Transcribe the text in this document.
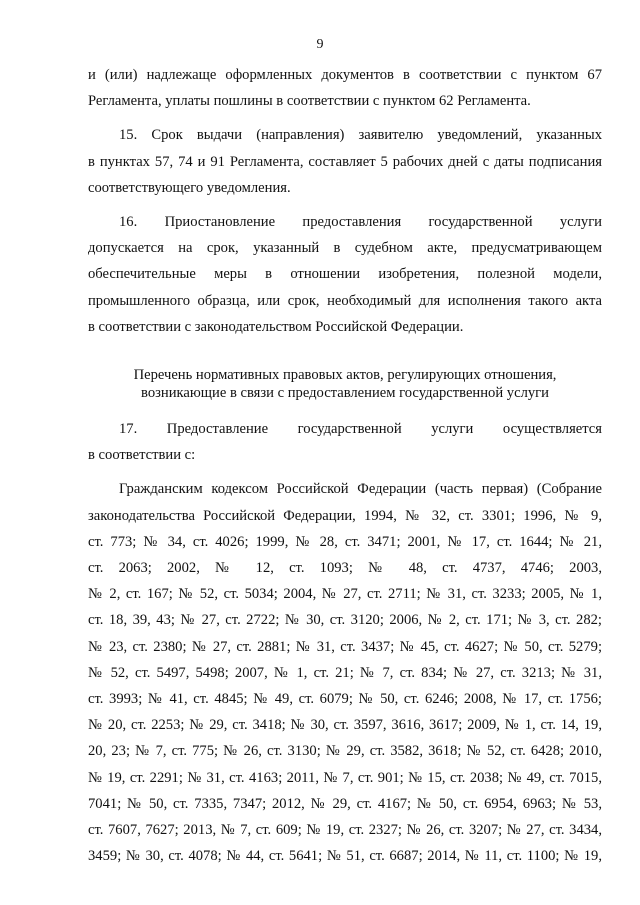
9

и (или) надлежаще оформленных документов в соответствии с пунктом 67
Регламента, уплаты пошлины в соответствии с пунктом 62 Регламента.

15. Срок выдачи (направления) заявителю уведомлений, указанных
в пунктах 57, 74 и 91 Регламента, составляет 5 рабочих дней с даты подписания
соответствующего уведомления.

16. Приостановление предоставления государственной услуги
допускается на срок, указанный в судебном акте, предусматривающем
обеспечительные меры в отношении изобретения, полезной модели,
промышленного образца, или срок, необходимый для исполнения такого акта
в соответствии с законодательством Российской Федерации.

Перечень нормативных правовых актов, регулирующих отношения,
возникающие в связи с предоставлением государственной услуги

17. Предоставление государственной услуги осуществляется
в соответствии с:

Гражданским кодексом Российской Федерации (часть первая) (Собрание
законодательства Российской Федерации, 1994, № 32, ст. 3301; 1996, № 9,
ст. 773; № 34, ст. 4026; 1999, № 28, ст. 3471; 2001, № 17, ст. 1644; № 21,
ст. 2063; 2002, № 12, ст. 1093; № 48, ст. 4737, 4746; 2003,
№ 2, ст. 167; № 52, ст. 5034; 2004, № 27, ст. 2711; № 31, ст. 3233; 2005, № 1,
ст. 18, 39, 43; № 27, ст. 2722; № 30, ст. 3120; 2006, № 2, ст. 171; № 3, ст. 282;
№ 23, ст. 2380; № 27, ст. 2881; № 31, ст. 3437; № 45, ст. 4627; № 50, ст. 5279;
№ 52, ст. 5497, 5498; 2007, № 1, ст. 21; № 7, ст. 834; № 27, ст. 3213; № 31,
ст. 3993; № 41, ст. 4845; № 49, ст. 6079; № 50, ст. 6246; 2008, № 17, ст. 1756;
№ 20, ст. 2253; № 29, ст. 3418; № 30, ст. 3597, 3616, 3617; 2009, № 1, ст. 14, 19,
20, 23; № 7, ст. 775; № 26, ст. 3130; № 29, ст. 3582, 3618; № 52, ст. 6428; 2010,
№ 19, ст. 2291; № 31, ст. 4163; 2011, № 7, ст. 901; № 15, ст. 2038; № 49, ст. 7015,
7041; № 50, ст. 7335, 7347; 2012, № 29, ст. 4167; № 50, ст. 6954, 6963; № 53,
ст. 7607, 7627; 2013, № 7, ст. 609; № 19, ст. 2327; № 26, ст. 3207; № 27, ст. 3434,
3459; № 30, ст. 4078; № 44, ст. 5641; № 51, ст. 6687; 2014, № 11, ст. 1100; № 19,
